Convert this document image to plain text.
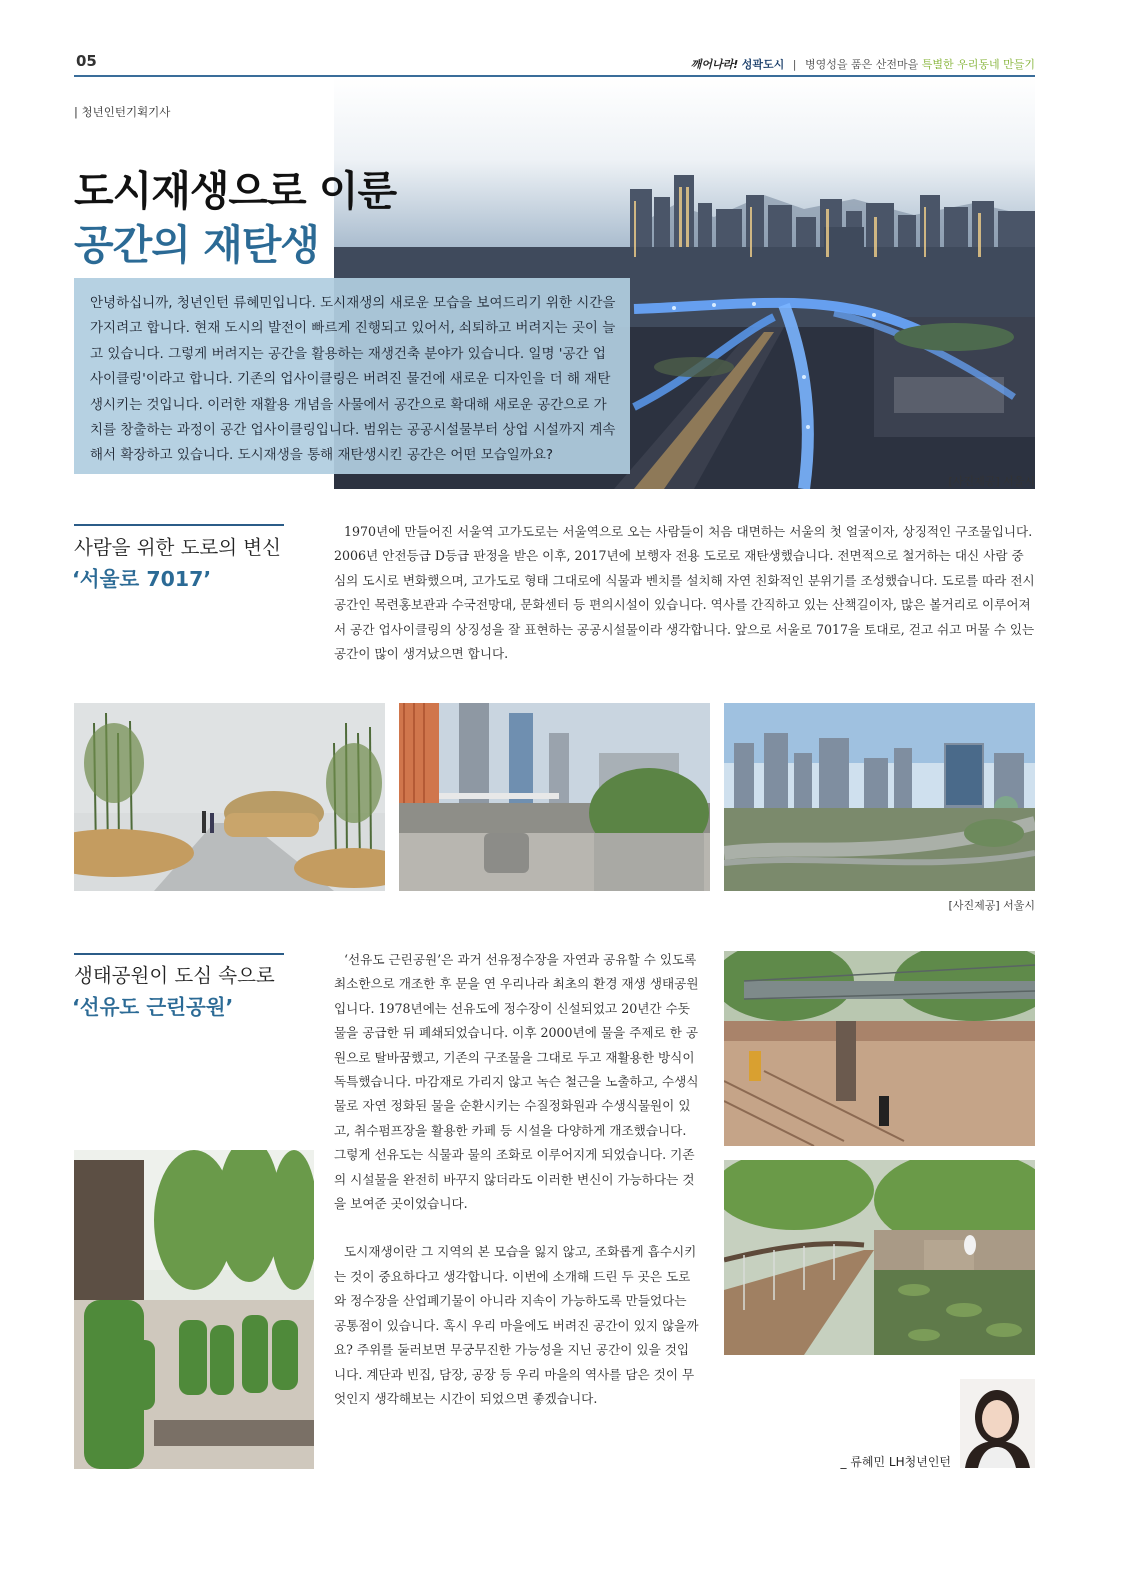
05	깨어나라! 성곽도시 | 병영성을 품은 산전마을 특별한 우리동네 만들기
| 청년인턴기획기사
도시재생으로 이룬
공간의 재탄생

안녕하십니까, 청년인턴 류혜민입니다. 도시재생의 새로운 모습을 보여드리기 위한 시간을 가지려고 합니다. 현재 도시의 발전이 빠르게 진행되고 있어서, 쇠퇴하고 버려지는 곳이 늘고 있습니다. 그렇게 버려지는 공간을 활용하는 재생건축 분야가 있습니다. 일명 '공간 업사이클링'이라고 합니다. 기존의 업사이클링은 버려진 물건에 새로운 디자인을 더 해 재탄생시키는 것입니다. 이러한 재활용 개념을 사물에서 공간으로 확대해 새로운 공간으로 가치를 창출하는 과정이 공간 업사이클링입니다. 범위는 공공시설물부터 상업 시설까지 계속해서 확장하고 있습니다. 도시재생을 통해 재탄생시킨 공간은 어떤 모습일까요?

[사진제공] 서울시
사람을 위한 도로의 변신
‘서울로 7017’

1970년에 만들어진 서울역 고가도로는 서울역으로 오는 사람들이 처음 대면하는 서울의 첫 얼굴이자, 상징적인 구조물입니다. 2006년 안전등급 D등급 판정을 받은 이후, 2017년에 보행자 전용 도로로 재탄생했습니다. 전면적으로 철거하는 대신 사람 중심의 도시로 변화했으며, 고가도로 형태 그대로에 식물과 벤치를 설치해 자연 친화적인 분위기를 조성했습니다. 도로를 따라 전시공간인 목련홍보관과 수국전망대, 문화센터 등 편의시설이 있습니다. 역사를 간직하고 있는 산책길이자, 많은 볼거리로 이루어져서 공간 업사이클링의 상징성을 잘 표현하는 공공시설물이라 생각합니다. 앞으로 서울로 7017을 토대로, 걷고 쉬고 머물 수 있는 공간이 많이 생겨났으면 합니다.

[사진제공] 서울시
생태공원이 도심 속으로
‘선유도 근린공원’

‘선유도 근린공원’은 과거 선유정수장을 자연과 공유할 수 있도록 최소한으로 개조한 후 문을 연 우리나라 최초의 환경 재생 생태공원입니다. 1978년에는 선유도에 정수장이 신설되었고 20년간 수돗물을 공급한 뒤 폐쇄되었습니다. 이후 2000년에 물을 주제로 한 공원으로 탈바꿈했고, 기존의 구조물을 그대로 두고 재활용한 방식이 독특했습니다. 마감재로 가리지 않고 녹슨 철근을 노출하고, 수생식물로 자연 정화된 물을 순환시키는 수질정화원과 수생식물원이 있고, 취수펌프장을 활용한 카페 등 시설을 다양하게 개조했습니다. 그렇게 선유도는 식물과 물의 조화로 이루어지게 되었습니다. 기존의 시설물을 완전히 바꾸지 않더라도 이러한 변신이 가능하다는 것을 보여준 곳이었습니다.

도시재생이란 그 지역의 본 모습을 잃지 않고, 조화롭게 흡수시키는 것이 중요하다고 생각합니다. 이번에 소개해 드린 두 곳은 도로와 정수장을 산업폐기물이 아니라 지속이 가능하도록 만들었다는 공통점이 있습니다. 혹시 우리 마을에도 버려진 공간이 있지 않을까요? 주위를 둘러보면 무궁무진한 가능성을 지닌 공간이 있을 것입니다. 계단과 빈집, 담장, 공장 등 우리 마을의 역사를 담은 것이 무엇인지 생각해보는 시간이 되었으면 좋겠습니다.

_ 류혜민 LH청년인턴
